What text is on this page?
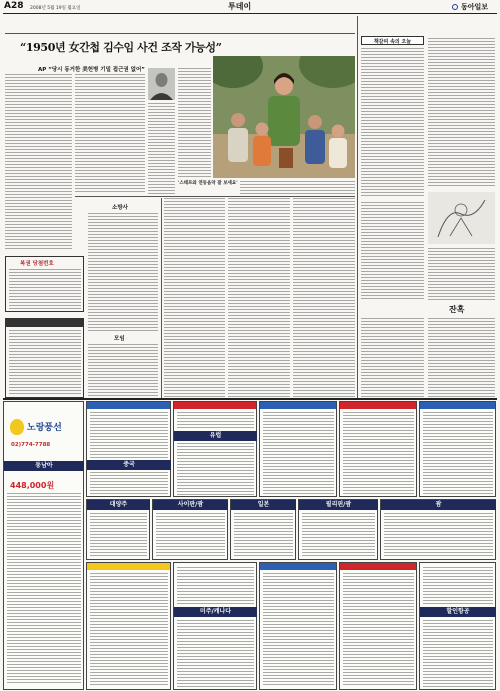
A28 2008년 5월 19일 월요일	투데이	동아일보
“1950년 女간첩 김수임 사건 조작 가능성”
AP “당시 동거한 美헌병 기밀 접근권 없어”
'스태프와 연동음악 잘 보세요'
복권 당첨번호
소방사
모임
책갈피 속의 오늘
잔혹
노랑풍선
02)774-7788
동남아
448,000원
중국
유럽
대양주	사이판/괌	일본	필리핀/괌	괌
미주/캐나다	할인항공
